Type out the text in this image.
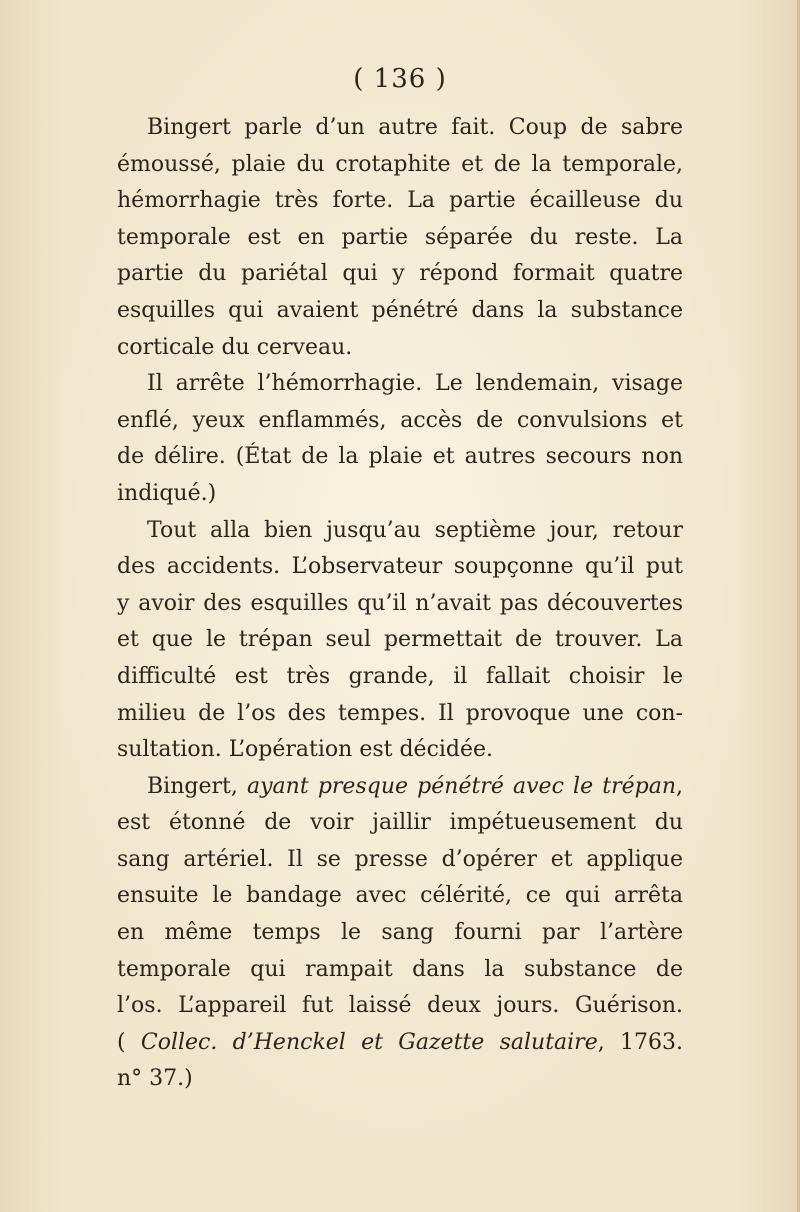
( 136 )

Bingert parle d’un autre fait. Coup de sabre
émoussé, plaie du crotaphite et de la temporale,
hémorrhagie très forte. La partie écailleuse du
temporale est en partie séparée du reste. La
partie du pariétal qui y répond formait quatre
esquilles qui avaient pénétré dans la substance
corticale du cerveau.

Il arrête l’hémorrhagie. Le lendemain, visage
enflé, yeux enflammés, accès de convulsions et
de délire. (État de la plaie et autres secours non
indiqué.)

Tout alla bien jusqu’au septième jour, retour
des accidents. L’observateur soupçonne qu’il put
y avoir des esquilles qu’il n’avait pas découvertes
et que le trépan seul permettait de trouver. La
difficulté est très grande, il fallait choisir le
milieu de l’os des tempes. Il provoque une con-
sultation. L’opération est décidée.

Bingert, ayant presque pénétré avec le trépan,
est étonné de voir jaillir impétueusement du
sang artériel. Il se presse d’opérer et applique
ensuite le bandage avec célérité, ce qui arrêta
en même temps le sang fourni par l’artère
temporale qui rampait dans la substance de
l’os. L’appareil fut laissé deux jours. Guérison.
( Collec. d’Henckel et Gazette salutaire, 1763.
n° 37.)
